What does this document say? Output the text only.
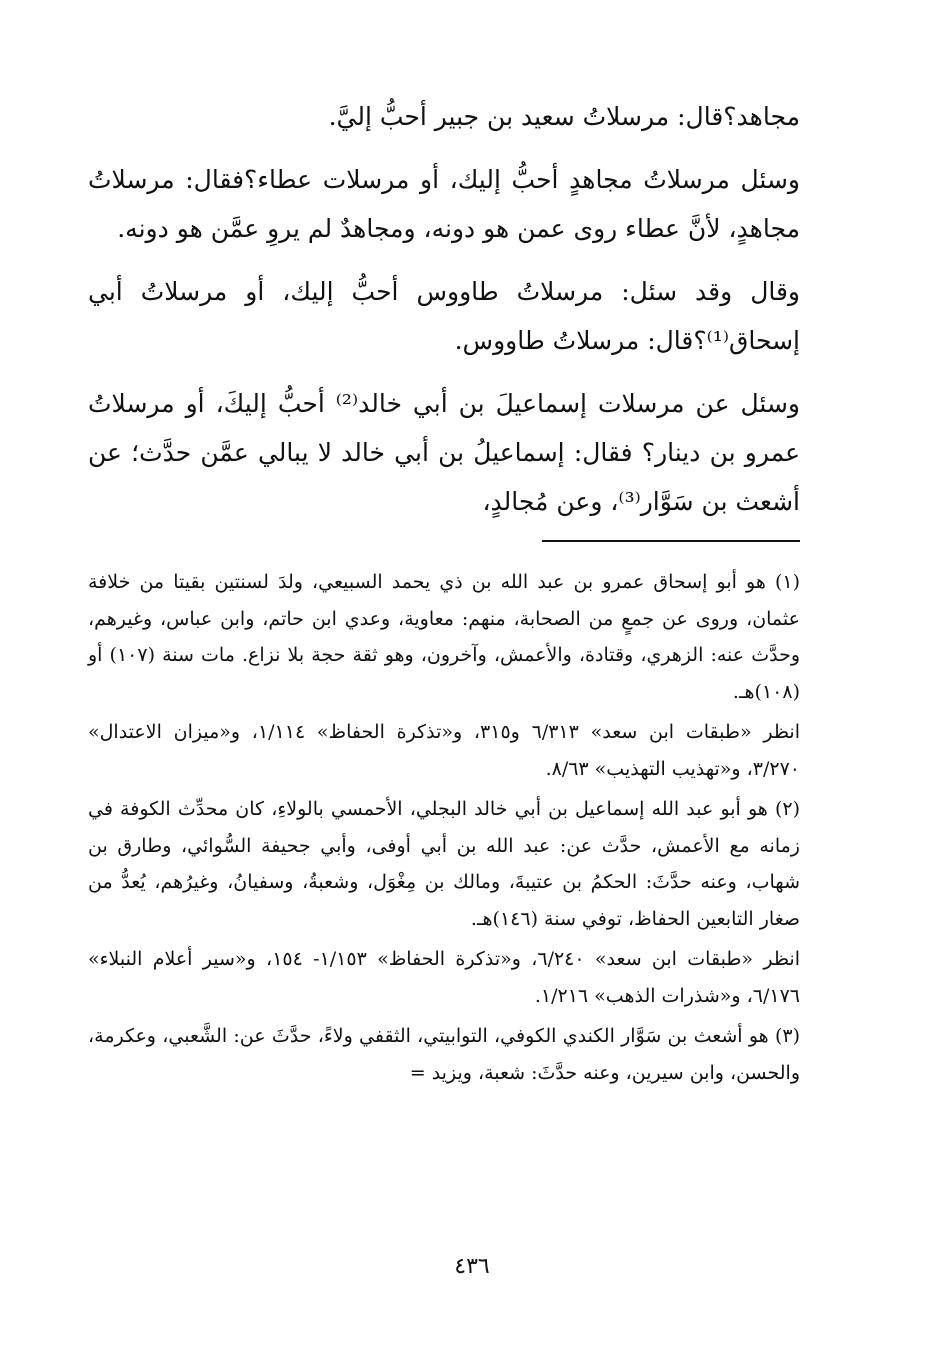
مجاهد؟قال: مرسلاتُ سعيد بن جبير أحبُّ إليَّ.

وسئل مرسلاتُ مجاهدٍ أحبُّ إليك، أو مرسلات عطاء؟فقال: مرسلاتُ مجاهدٍ، لأنَّ عطاء روى عمن هو دونه، ومجاهدٌ لم يروِ عمَّن هو دونه.

وقال وقد سئل: مرسلاتُ طاووس أحبُّ إليك، أو مرسلاتُ أبي إسحاق⁽¹⁾؟قال: مرسلاتُ طاووس.

وسئل عن مرسلات إسماعيلَ بن أبي خالد⁽²⁾ أحبُّ إليكَ، أو مرسلاتُ عمرو بن دينار؟ فقال: إسماعيلُ بن أبي خالد لا يبالي عمَّن حدَّث؛ عن أشعث بن سَوَّار⁽³⁾، وعن مُجالدٍ،

(١) هو أبو إسحاق عمرو بن عبد الله بن ذي يحمد السبيعي، ولدَ لسنتين بقيتا من خلافة عثمان، وروى عن جمعٍ من الصحابة، منهم: معاوية، وعدي ابن حاتم، وابن عباس، وغيرهم، وحدَّث عنه: الزهري، وقتادة، والأعمش، وآخرون، وهو ثقة حجة بلا نزاع. مات سنة (١٠٧) أو (١٠٨)هـ.

انظر «طبقات ابن سعد» ٦/٣١٣ و٣١٥، و«تذكرة الحفاظ» ١/١١٤، و«ميزان الاعتدال» ٣/٢٧٠، و«تهذيب التهذيب» ٨/٦٣.

(٢) هو أبو عبد الله إسماعيل بن أبي خالد البجلي، الأحمسي بالولاءِ، كان محدِّث الكوفة في زمانه مع الأعمش، حدَّث عن: عبد الله بن أبي أوفى، وأبي جحيفة السُّوائي، وطارق بن شهاب، وعنه حدَّثَ: الحكمُ بن عتيبةَ، ومالك بن مِغْوَل، وشعبةُ، وسفيانُ، وغيرُهم، يُعدُّ من صغار التابعين الحفاظ، توفي سنة (١٤٦)هـ.

انظر «طبقات ابن سعد» ٦/٢٤٠، و«تذكرة الحفاظ» ١/١٥٣- ١٥٤، و«سير أعلام النبلاء» ٦/١٧٦، و«شذرات الذهب» ١/٢١٦.

(٣) هو أشعث بن سَوَّار الكندي الكوفي، التوابيتي، الثقفي ولاءً، حدَّثَ عن: الشَّعبي، وعكرمة، والحسن، وابن سيرين، وعنه حدَّثَ: شعبة، ويزيد =

٤٣٦
